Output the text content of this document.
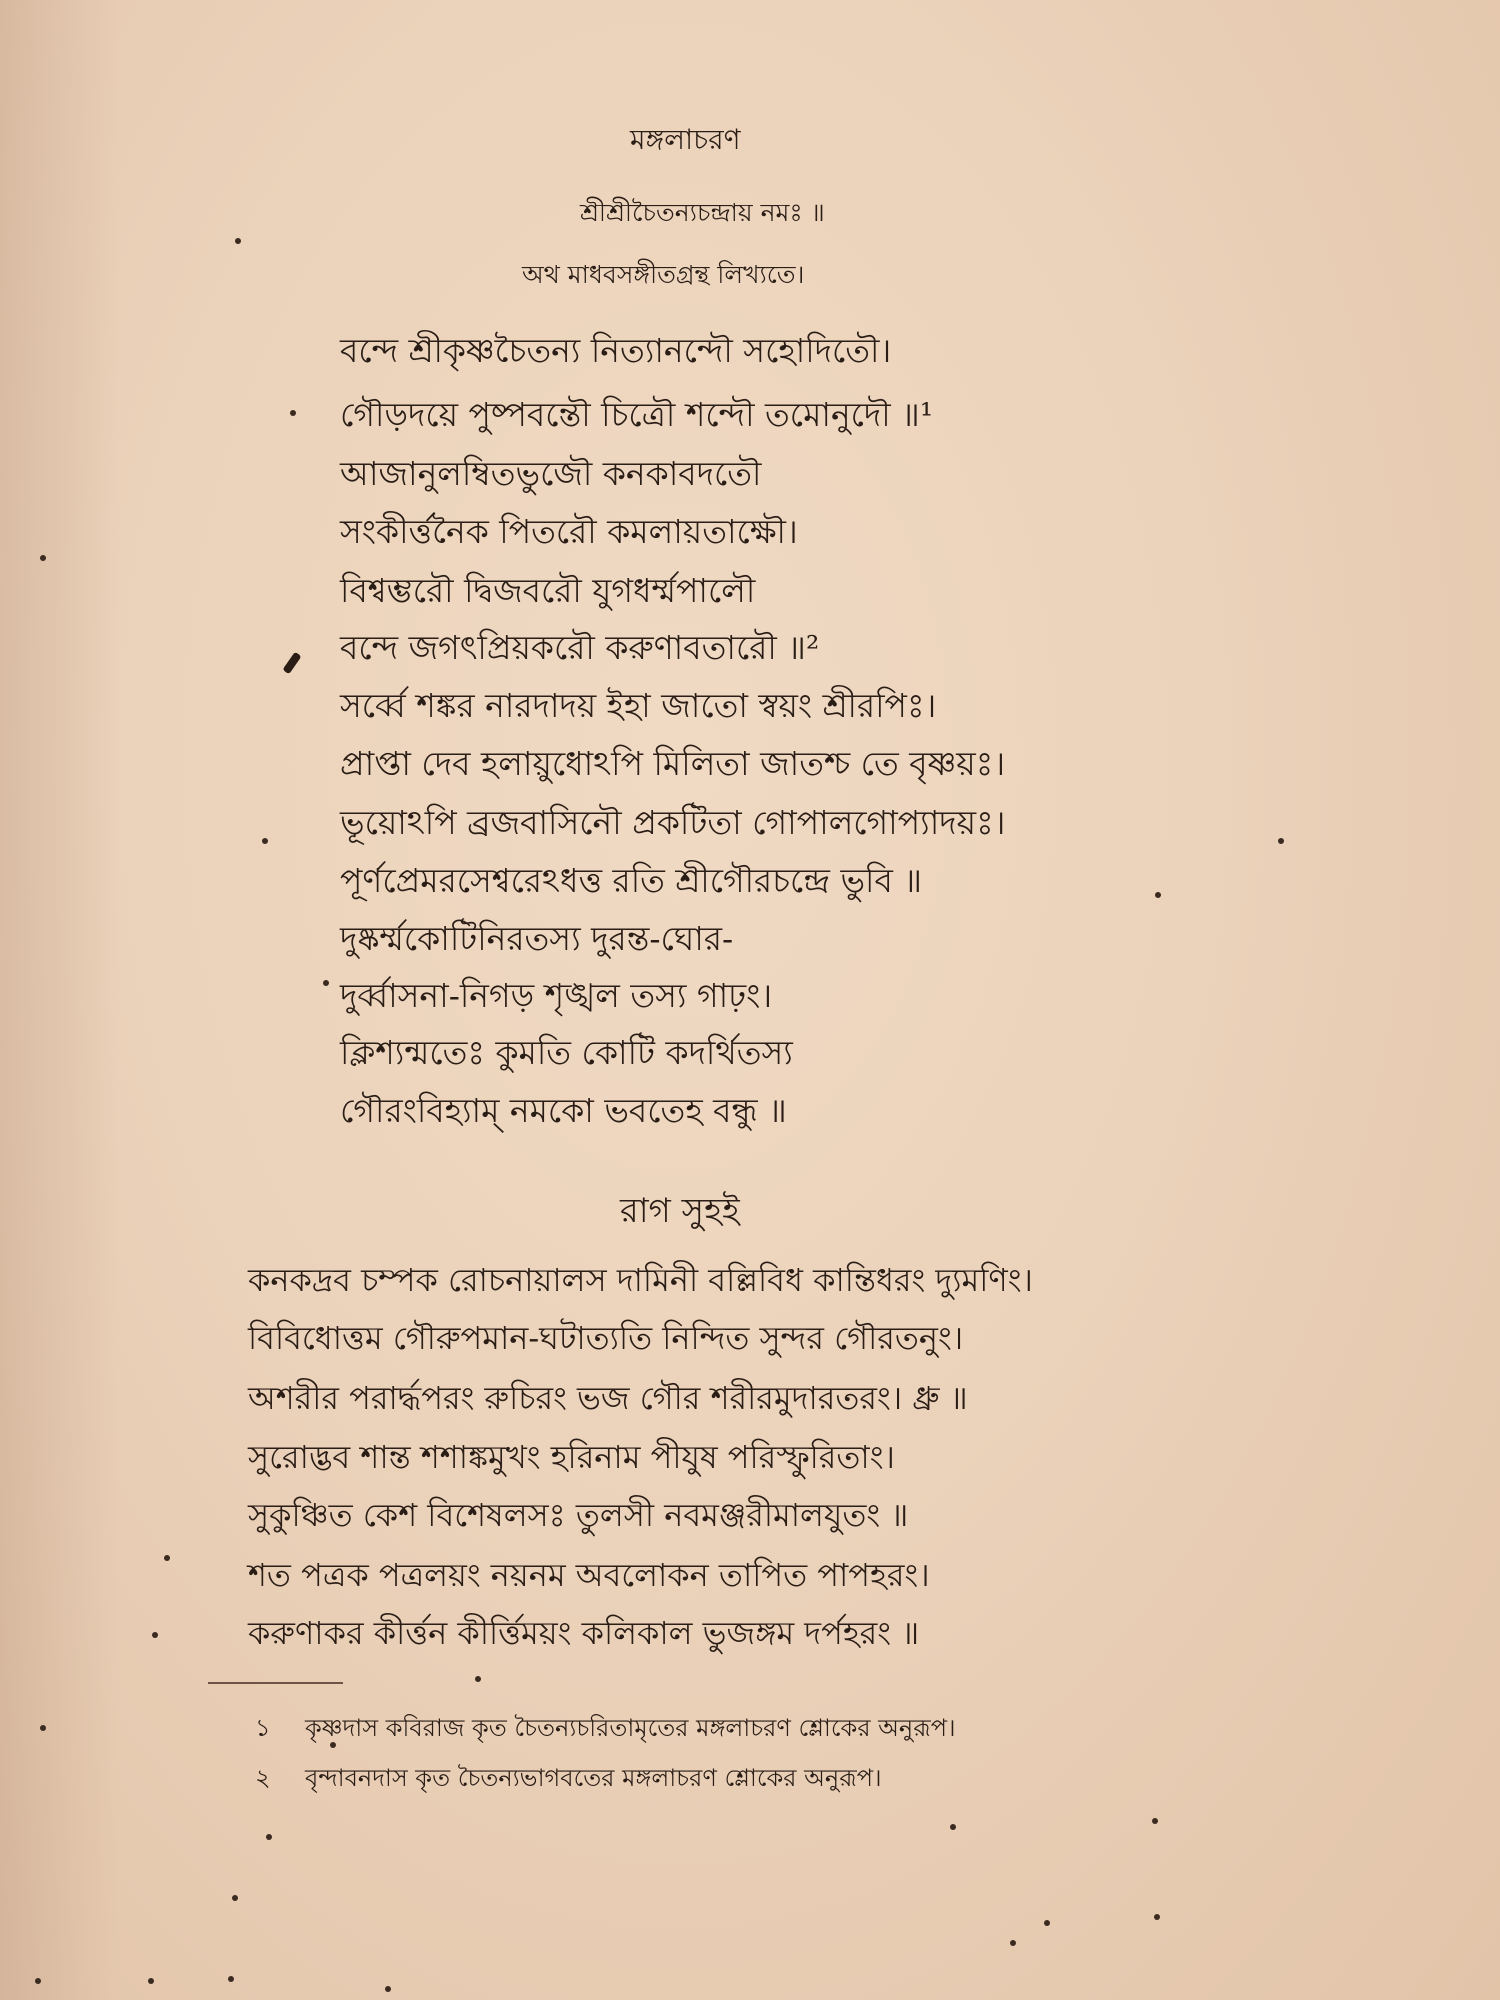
মঙ্গলাচরণ
শ্রীশ্রীচৈতন্যচন্দ্রায় নমঃ ॥
অথ মাধবসঙ্গীতগ্রন্থ লিখ্যতে।
বন্দে শ্রীকৃষ্ণচৈতন্য নিত্যানন্দৌ সহোদিতৌ।
গৌড়দয়ে পুষ্পবন্তৌ চিত্রৌ শন্দৌ তমোনুদৌ ॥¹
আজানুলম্বিতভুজৌ কনকাবদতৌ
সংকীর্ত্তনৈক পিতরৌ কমলায়তাক্ষৌ।
বিশ্বম্ভরৌ দ্বিজবরৌ যুগধর্ম্মপালৌ
বন্দে জগৎপ্রিয়করৌ করুণাবতারৌ ॥²
সর্ব্বে শঙ্কর নারদাদয় ইহা জাতো স্বয়ং শ্রীরপিঃ।
প্রাপ্তা দেব হলায়ুধোঽপি মিলিতা জাতশ্চ তে বৃষ্ণয়ঃ।
ভূয়োঽপি ব্রজবাসিনৌ প্রকটিতা গোপালগোপ্যাদয়ঃ।
পূর্ণপ্রেমরসেশ্বরেঽধত্ত রতি শ্রীগৌরচন্দ্রে ভুবি ॥
দুষ্কর্ম্মকোটিনিরতস্য দুরন্ত-ঘোর-
দুর্ব্বাসনা-নিগড় শৃঙ্খল তস্য গাঢ়ং।
ক্লিশ্যন্মতেঃ কুমতি কোটি কদর্থিতস্য
গৌরংবিহ্যাম্ নমকো ভবতেহ বন্ধু ॥
রাগ সুহই
কনকদ্রব চম্পক রোচনায়ালস দামিনী বল্লিবিধ কান্তিধরং দ্যুমণিং।
বিবিধোত্তম গৌরুপমান-ঘটাত্যতি নিন্দিত সুন্দর গৌরতনুং।
অশরীর পরার্দ্ধপরং রুচিরং ভজ গৌর শরীরমুদারতরং। ধ্রু ॥
সুরোদ্ভব শান্ত শশাঙ্কমুখং হরিনাম পীযুষ পরিস্ফুরিতাং।
সুকুঞ্চিত কেশ বিশেষলসঃ তুলসী নবমঞ্জরীমালযুতং ॥
শত পত্রক পত্রলয়ং নয়নম অবলোকন তাপিত পাপহরং।
করুণাকর কীর্ত্তন কীর্ত্তিময়ং কলিকাল ভুজঙ্গম দর্পহরং ॥
১ কৃষ্ণদাস কবিরাজ কৃত চৈতন্যচরিতামৃতের মঙ্গলাচরণ শ্লোকের অনুরূপ।
২ বৃন্দাবনদাস কৃত চৈতন্যভাগবতের মঙ্গলাচরণ শ্লোকের অনুরূপ।
